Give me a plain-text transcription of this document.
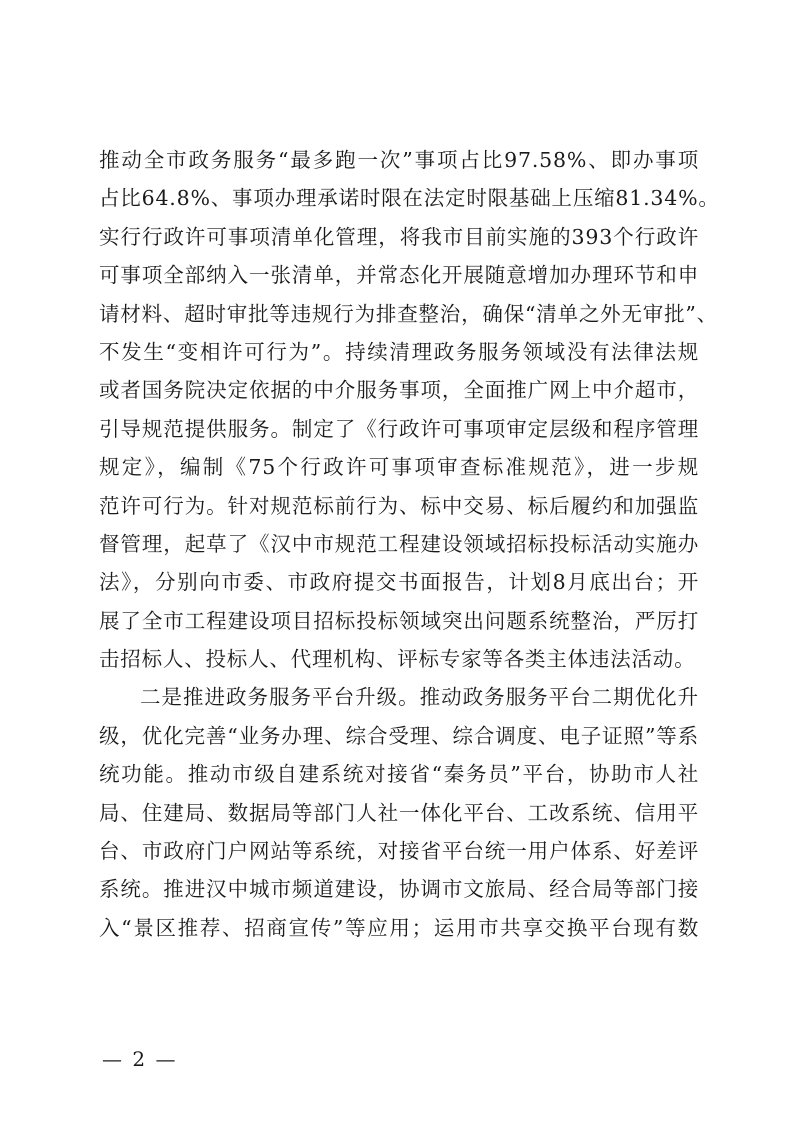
推动全市政务服务“最多跑一次”事项占比97.58%、即办事项
占比64.8%、事项办理承诺时限在法定时限基础上压缩81.34%。
实行行政许可事项清单化管理，将我市目前实施的393个行政许
可事项全部纳入一张清单，并常态化开展随意增加办理环节和申
请材料、超时审批等违规行为排查整治，确保“清单之外无审批”、
不发生“变相许可行为”。持续清理政务服务领域没有法律法规
或者国务院决定依据的中介服务事项，全面推广网上中介超市，
引导规范提供服务。制定了《行政许可事项审定层级和程序管理
规定》，编制《75个行政许可事项审查标准规范》，进一步规
范许可行为。针对规范标前行为、标中交易、标后履约和加强监
督管理，起草了《汉中市规范工程建设领域招标投标活动实施办
法》，分别向市委、市政府提交书面报告，计划8月底出台；开
展了全市工程建设项目招标投标领域突出问题系统整治，严厉打
击招标人、投标人、代理机构、评标专家等各类主体违法活动。
二是推进政务服务平台升级。推动政务服务平台二期优化升
级，优化完善“业务办理、综合受理、综合调度、电子证照”等系
统功能。推动市级自建系统对接省“秦务员”平台，协助市人社
局、住建局、数据局等部门人社一体化平台、工改系统、信用平
台、市政府门户网站等系统，对接省平台统一用户体系、好差评
系统。推进汉中城市频道建设，协调市文旅局、经合局等部门接
入“景区推荐、招商宣传”等应用；运用市共享交换平台现有数
— 2 —
